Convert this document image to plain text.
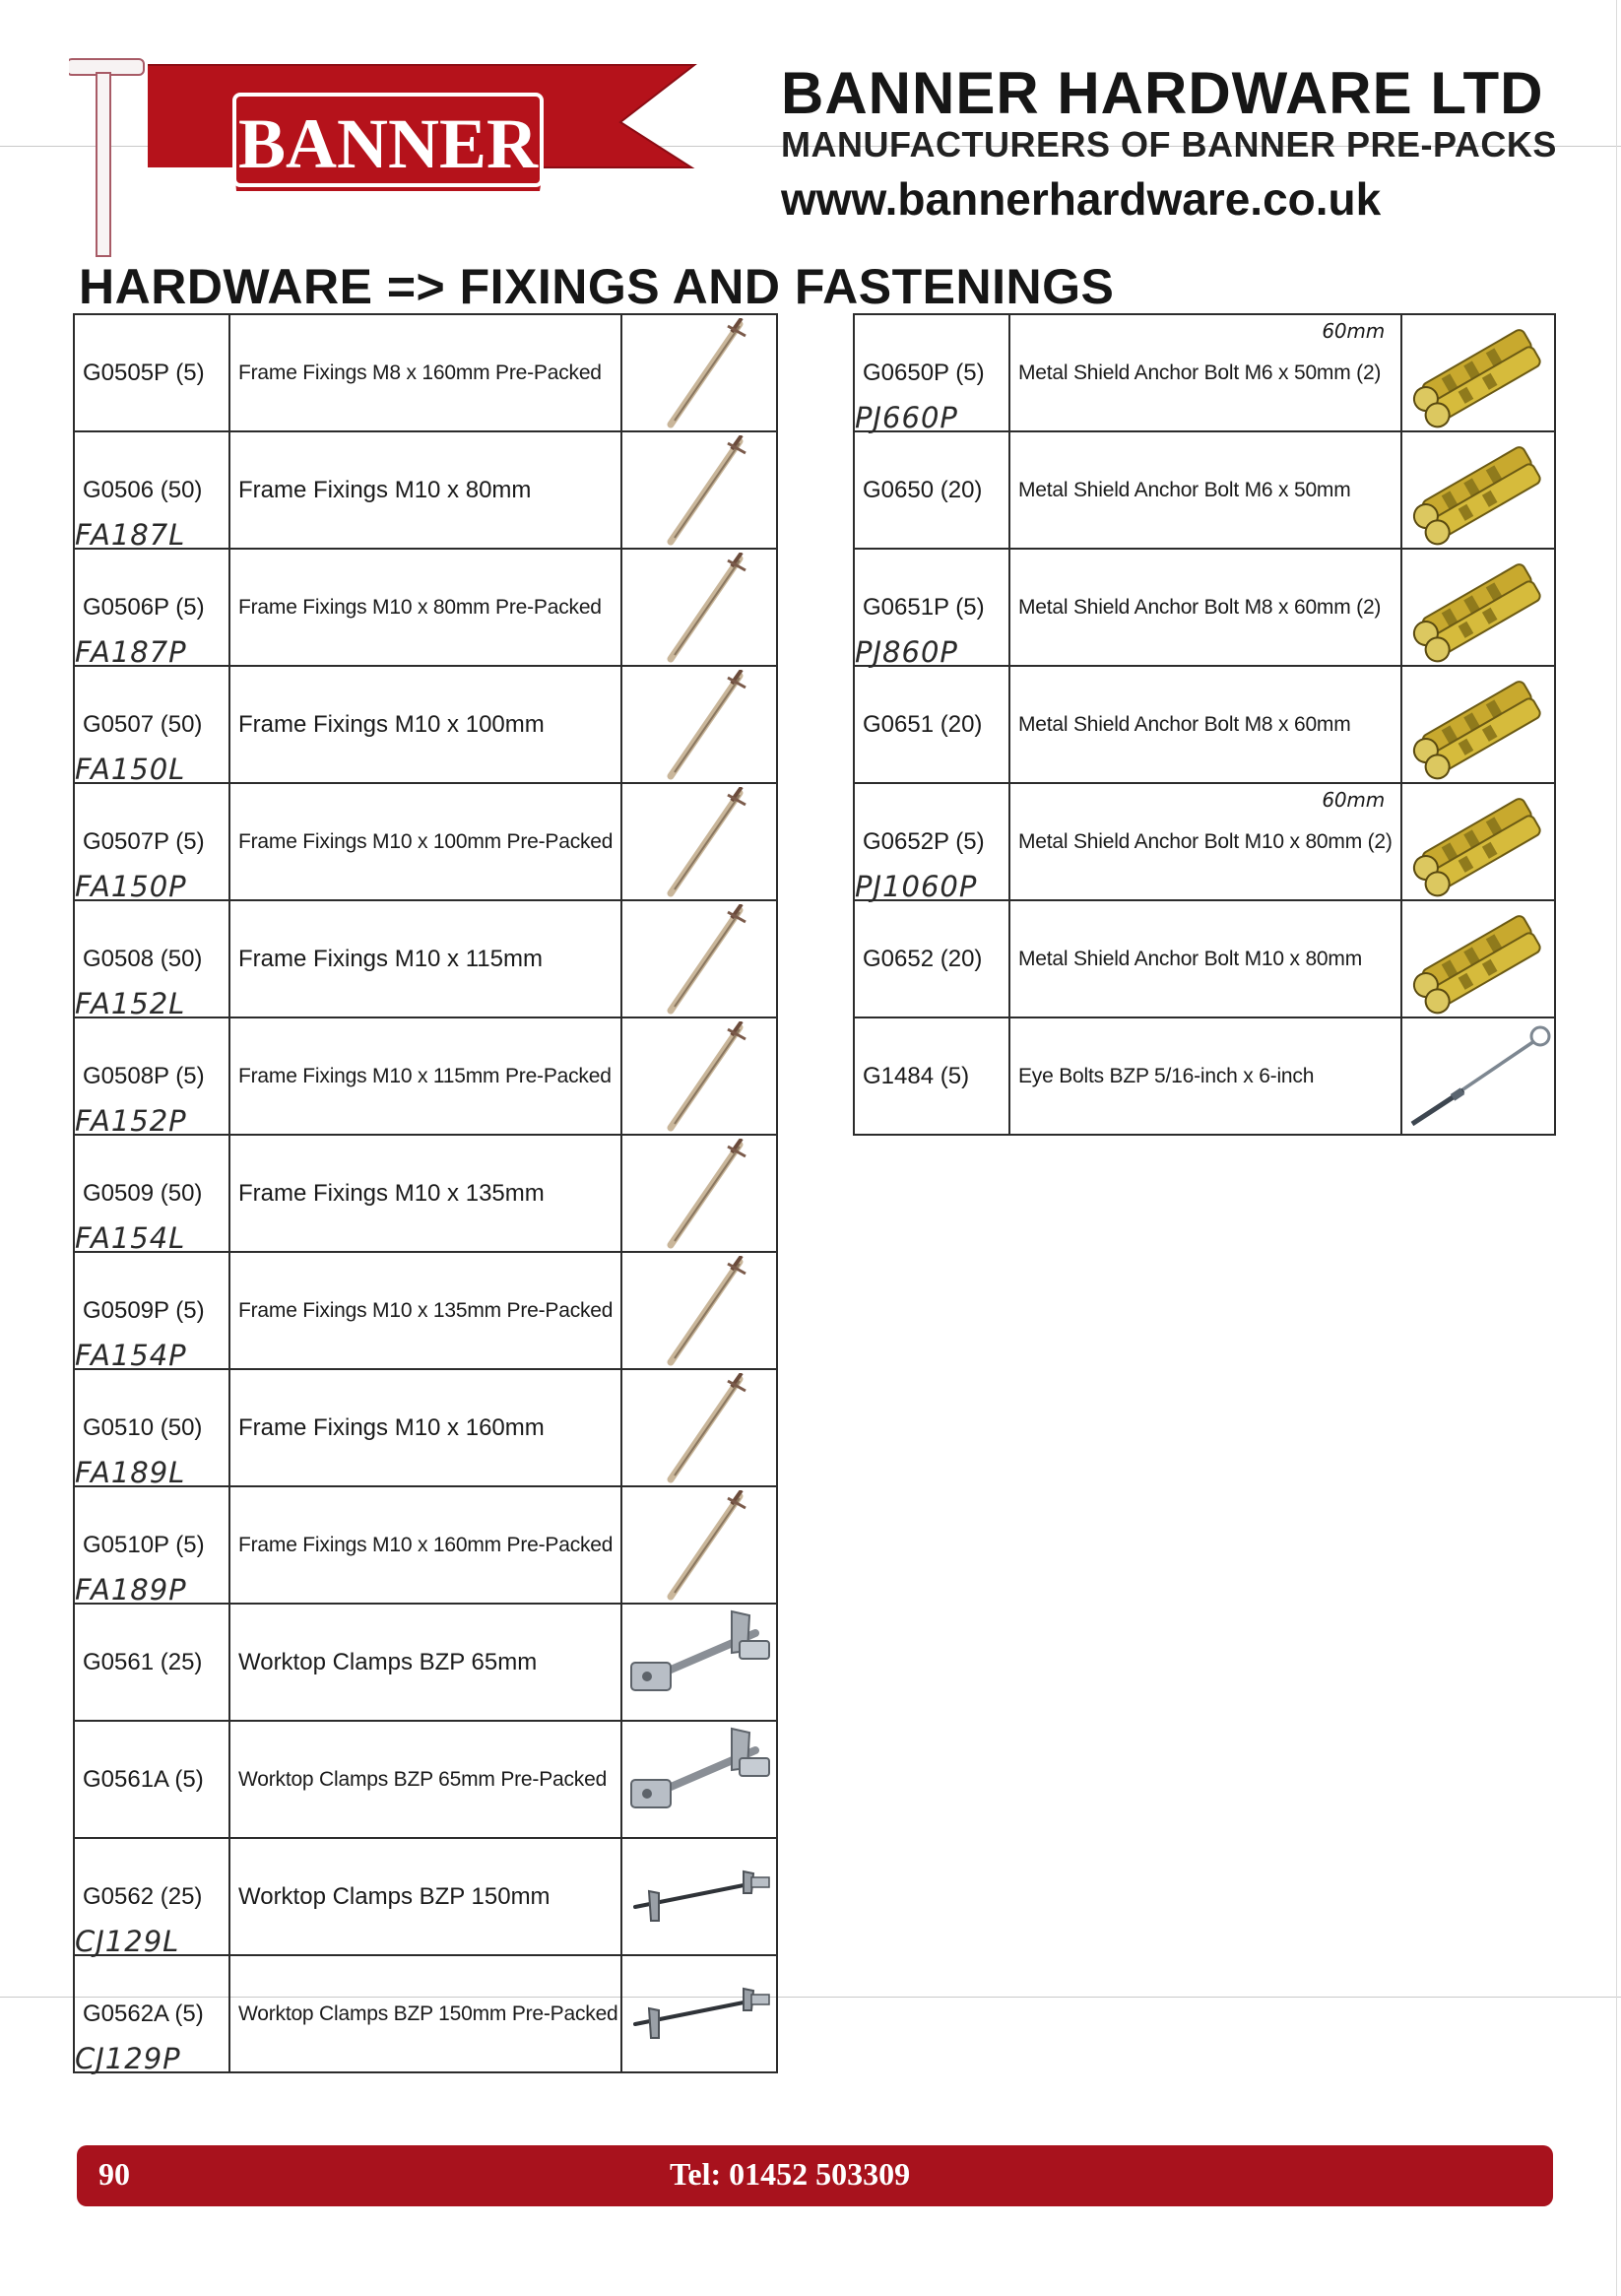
BANNER
BANNER HARDWARE LTD
MANUFACTURERS OF BANNER PRE-PACKS
www.bannerhardware.co.uk
HARDWARE => FIXINGS AND FASTENINGS
G0505P (5)	Frame Fixings M8 x 160mm Pre-Packed	

G0506 (50)
FA187L	Frame Fixings M10 x 80mm	

G0506P (5)
FA187P	Frame Fixings M10 x 80mm Pre-Packed	

G0507 (50)
FA150L	Frame Fixings M10 x 100mm	

G0507P (5)
FA150P	Frame Fixings M10 x 100mm Pre-Packed	

G0508 (50)
FA152L	Frame Fixings M10 x 115mm	

G0508P (5)
FA152P	Frame Fixings M10 x 115mm Pre-Packed	

G0509 (50)
FA154L	Frame Fixings M10 x 135mm	

G0509P (5)
FA154P	Frame Fixings M10 x 135mm Pre-Packed	

G0510 (50)
FA189L	Frame Fixings M10 x 160mm	

G0510P (5)
FA189P	Frame Fixings M10 x 160mm Pre-Packed	

G0561 (25)	Worktop Clamps BZP 65mm	

G0561A (5)	Worktop Clamps BZP 65mm Pre-Packed	

G0562 (25)
CJ129L	Worktop Clamps BZP 150mm	

G0562A (5)
CJ129P	Worktop Clamps BZP 150mm Pre-Packed	
G0650P (5)
PJ660P	Metal Shield Anchor Bolt M6 x 50mm (2)
60mm

G0650 (20)	Metal Shield Anchor Bolt M6 x 50mm	

G0651P (5)
PJ860P	Metal Shield Anchor Bolt M8 x 60mm (2)	

G0651 (20)	Metal Shield Anchor Bolt M8 x 60mm	

G0652P (5)
PJ1060P	Metal Shield Anchor Bolt M10 x 80mm (2)
60mm

G0652 (20)	Metal Shield Anchor Bolt M10 x 80mm	

G1484 (5)	Eye Bolts BZP 5/16-inch x 6-inch	
90	Tel: 01452 503309
